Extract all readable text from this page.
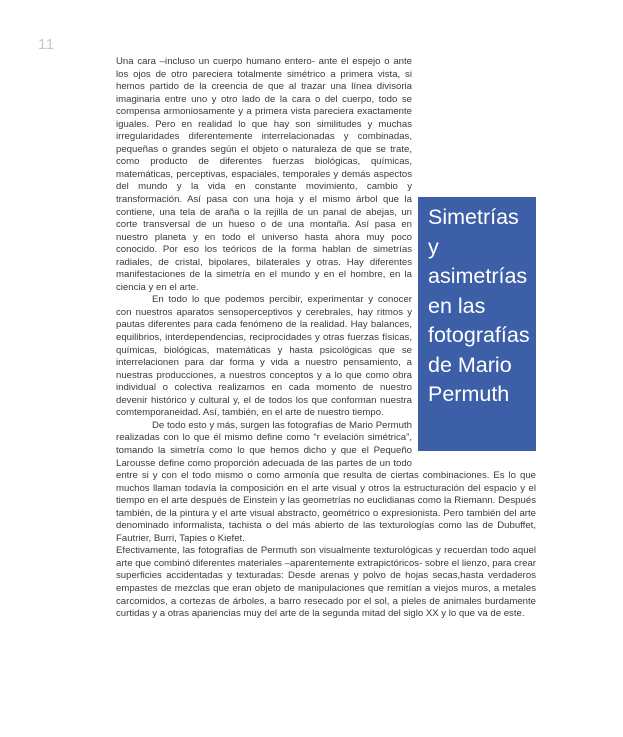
11
Simetrías
y
asimetrías
en las
fotografías
de Mario
Permuth

Una cara –incluso un cuerpo humano entero- ante el espejo o ante los ojos de otro pareciera totalmente simétrico a primera vista, si hemos partido de la creencia de que al trazar una línea divisoria imaginaria entre uno y otro lado de la cara o del cuerpo, todo se compensa armoniosamente y a primera vista pareciera exactamente iguales. Pero en realidad lo que hay son similitudes y muchas irregularidades diferentemente interrelacionadas y combinadas, pequeñas o grandes según el objeto o naturaleza de que se trate, como producto de diferentes fuerzas biológicas, químicas, matemáticas, perceptivas, espaciales, temporales y demás aspectos del mundo y la vida en constante movimiento, cambio y transformación. Así pasa con una hoja y el mismo árbol que la contiene, una tela de araña o la rejilla de un panal de abejas, un corte transversal de un hueso o de una montaña. Así pasa en nuestro planeta y en todo el universo hasta ahora muy poco conocido. Por eso los teóricos de la forma hablan de simetrías radiales, de cristal, bipolares, bilaterales y otras. Hay diferentes manifestaciones de la simetría en el mundo y en el hombre, en la ciencia y en el arte.

En todo lo que podemos percibir, experimentar y conocer con nuestros aparatos sensoperceptivos y cerebrales, hay ritmos y pautas diferentes para cada fenómeno de la realidad. Hay balances, equilibrios, interdependencias, reciprocidades y otras fuerzas físicas, químicas, biológicas, matemáticas y hasta psicológicas que se interrelacionen para dar forma y vida a nuestro pensamiento, a nuestras producciones, a nuestros conceptos y a lo que como obra individual o colectiva realizamos en cada momento de nuestro devenir histórico y cultural y, el de todos los que conforman nuestra comtemporaneidad. Así, también, en el arte de nuestro tiempo.

De todo esto y más, surgen las fotografías de Mario Permuth realizadas con lo que él mismo define como “r evelación simétrica”, tomando la simetría como lo que hemos dicho y que el Pequeño Larousse define como proporción adecuada de las partes de un todo entre si y con el todo mismo o como armonía que resulta de ciertas combinaciones. Es lo que muchos llaman todavía la composición en el arte visual y otros la estructuración del espacio y el tiempo en el arte después de Einstein y las geometrías no euclidianas como la Riemann. Después también, de la pintura y el arte visual abstracto, geométrico o expresionista. Pero también del arte denominado informalista, tachista o del más abierto de las texturologías como las de Dubuffet, Fautrier, Burri, Tapies o Kiefet.

Efectivamente, las fotografías de Permuth son visualmente texturológicas y recuerdan todo aquel arte que combinó diferentes materiales –aparentemente extrapictóricos- sobre el lienzo, para crear superficies accidentadas y texturadas: Desde arenas y polvo de hojas secas,hasta verdaderos empastes de mezclas que eran objeto de manipulaciones que remitían a viejos muros, a metales carcomidos, a cortezas de árboles, a barro resecado por el sol, a pieles de animales burdamente curtidas y a otras apariencias muy del arte de la segunda mitad del siglo XX y lo que va de este.
